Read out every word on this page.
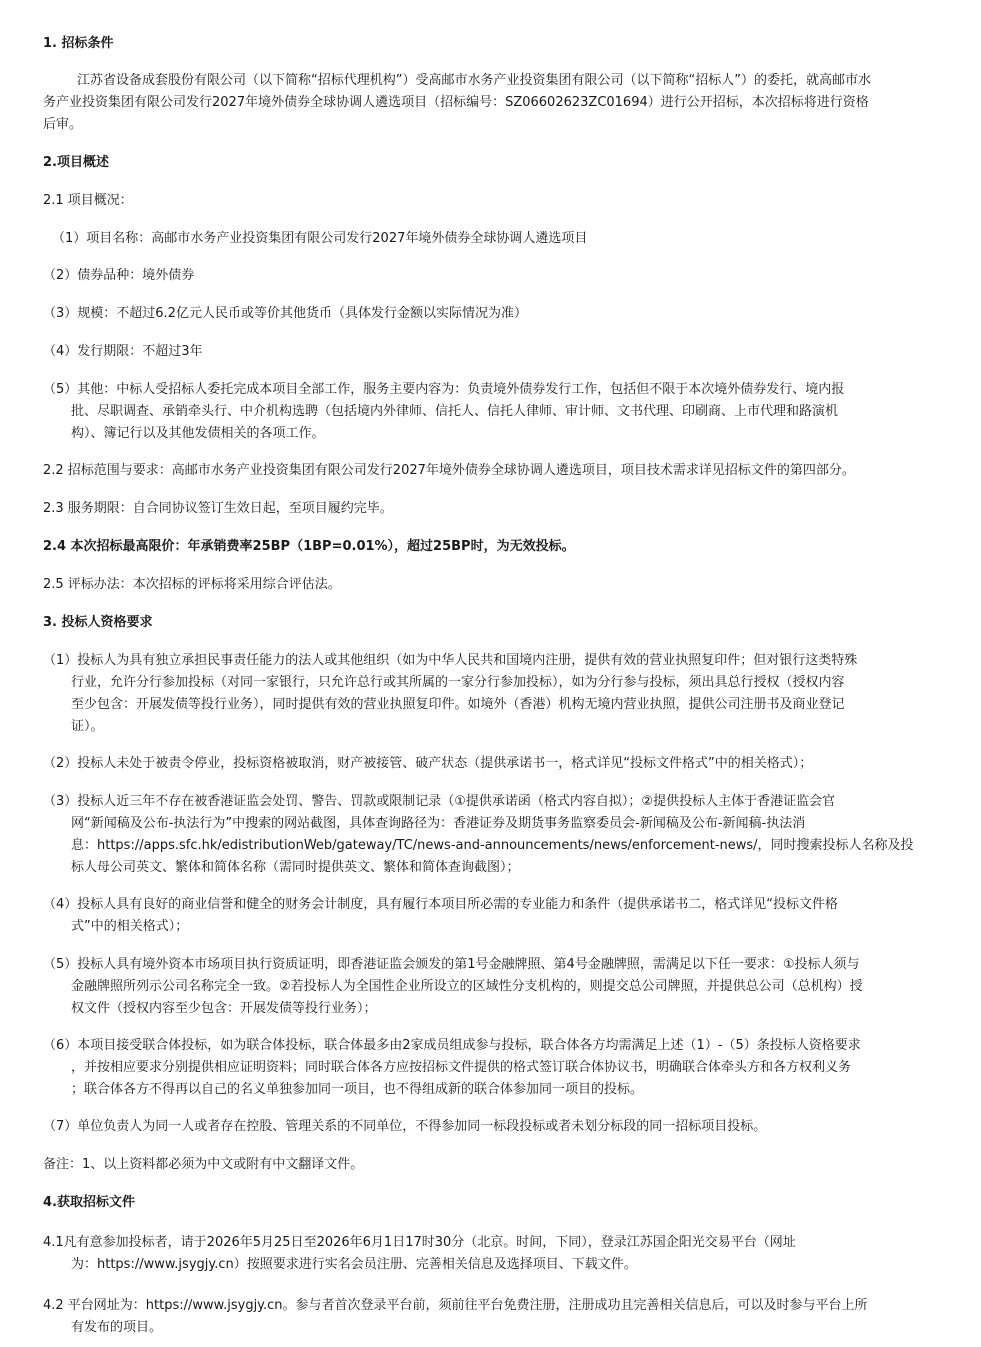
1. 招标条件
江苏省设备成套股份有限公司（以下简称“招标代理机构”）受高邮市水务产业投资集团有限公司（以下简称“招标人”）的委托，就高邮市水
务产业投资集团有限公司发行2027年境外债券全球协调人遴选项目（招标编号：SZ06602623ZC01694）进行公开招标，本次招标将进行资格
后审。
2.项目概述
2.1 项目概况：
（1）项目名称：高邮市水务产业投资集团有限公司发行2027年境外债券全球协调人遴选项目
（2）债券品种：境外债券
（3）规模：不超过6.2亿元人民币或等价其他货币（具体发行金额以实际情况为准）
（4）发行期限：不超过3年
（5）其他：中标人受招标人委托完成本项目全部工作，服务主要内容为：负责境外债券发行工作，包括但不限于本次境外债券发行、境内报
批、尽职调查、承销牵头行、中介机构选聘（包括境内外律师、信托人、信托人律师、审计师、文书代理、印刷商、上市代理和路演机
构）、簿记行以及其他发债相关的各项工作。
2.2 招标范围与要求：高邮市水务产业投资集团有限公司发行2027年境外债券全球协调人遴选项目，项目技术需求详见招标文件的第四部分。
2.3 服务期限：自合同协议签订生效日起，至项目履约完毕。
2.4 本次招标最高限价：年承销费率25BP（1BP=0.01%），超过25BP时，为无效投标。
2.5 评标办法：本次招标的评标将采用综合评估法。
3. 投标人资格要求
（1）投标人为具有独立承担民事责任能力的法人或其他组织（如为中华人民共和国境内注册，提供有效的营业执照复印件；但对银行这类特殊
行业，允许分行参加投标（对同一家银行，只允许总行或其所属的一家分行参加投标），如为分行参与投标，须出具总行授权（授权内容
至少包含：开展发债等投行业务），同时提供有效的营业执照复印件。如境外（香港）机构无境内营业执照，提供公司注册书及商业登记
证）。
（2）投标人未处于被责令停业，投标资格被取消，财产被接管、破产状态（提供承诺书一，格式详见“投标文件格式”中的相关格式）；
（3）投标人近三年不存在被香港证监会处罚、警告、罚款或限制记录（①提供承诺函（格式内容自拟）；②提供投标人主体于香港证监会官
网“新闻稿及公布-执法行为”中搜索的网站截图，具体查询路径为：香港证券及期货事务监察委员会-新闻稿及公布-新闻稿-执法消
息：https://apps.sfc.hk/edistributionWeb/gateway/TC/news-and-announcements/news/enforcement-news/，同时搜索投标人名称及投
标人母公司英文、繁体和简体名称（需同时提供英文、繁体和简体查询截图）；
（4）投标人具有良好的商业信誉和健全的财务会计制度，具有履行本项目所必需的专业能力和条件（提供承诺书二，格式详见“投标文件格
式”中的相关格式）；
（5）投标人具有境外资本市场项目执行资质证明，即香港证监会颁发的第1号金融牌照、第4号金融牌照，需满足以下任一要求：①投标人须与
金融牌照所列示公司名称完全一致。②若投标人为全国性企业所设立的区域性分支机构的，则提交总公司牌照，并提供总公司（总机构）授
权文件（授权内容至少包含：开展发债等投行业务）；
（6）本项目接受联合体投标，如为联合体投标，联合体最多由2家成员组成参与投标，联合体各方均需满足上述（1）-（5）条投标人资格要求
，并按相应要求分别提供相应证明资料；同时联合体各方应按招标文件提供的格式签订联合体协议书，明确联合体牵头方和各方权利义务
；联合体各方不得再以自己的名义单独参加同一项目，也不得组成新的联合体参加同一项目的投标。
（7）单位负责人为同一人或者存在控股、管理关系的不同单位，不得参加同一标段投标或者未划分标段的同一招标项目投标。
备注：1、以上资料都必须为中文或附有中文翻译文件。
4.获取招标文件
4.1凡有意参加投标者，请于2026年5月25日至2026年6月1日17时30分（北京。时间，下同），登录江苏国企阳光交易平台（网址
为：https://www.jsygjy.cn）按照要求进行实名会员注册、完善相关信息及选择项目、下载文件。
4.2 平台网址为：https://www.jsygjy.cn。参与者首次登录平台前，须前往平台免费注册，注册成功且完善相关信息后，可以及时参与平台上所
有发布的项目。
